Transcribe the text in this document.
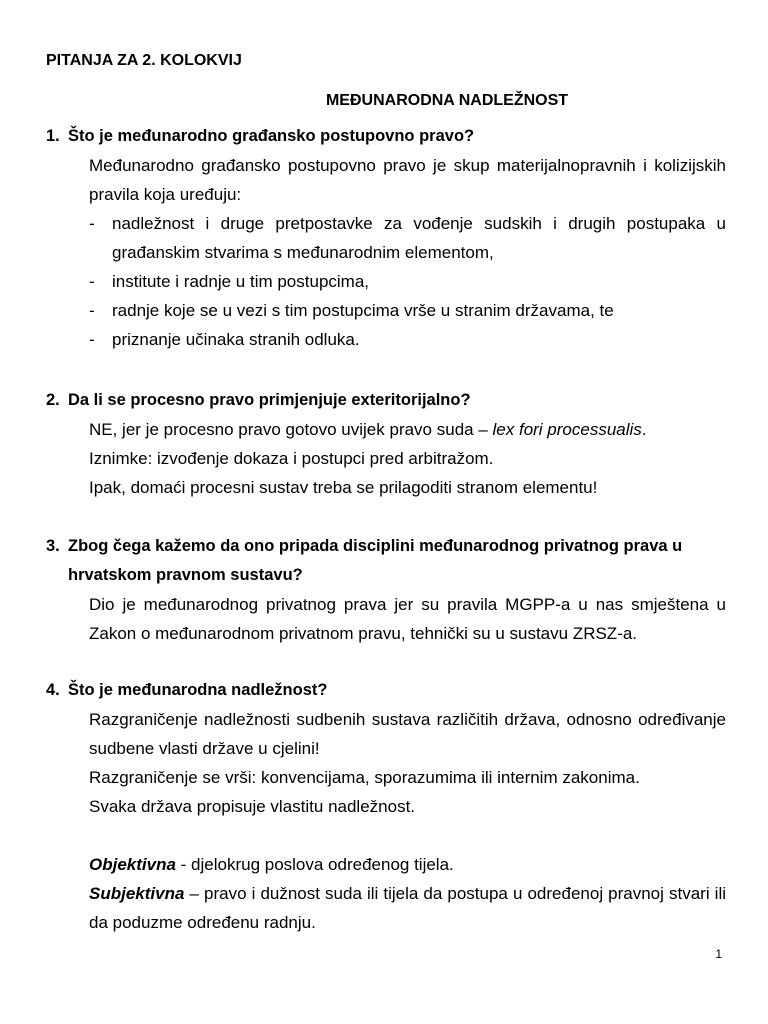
PITANJA ZA 2. KOLOKVIJ
MEĐUNARODNA NADLEŽNOST
1. Što je međunarodno građansko postupovno pravo?
Međunarodno građansko postupovno pravo je skup materijalnopravnih i kolizijskih pravila koja uređuju:
-	nadležnost i druge pretpostavke za vođenje sudskih i drugih postupaka u građanskim stvarima s međunarodnim elementom,
-	institute i radnje u tim postupcima,
-	radnje koje se u vezi s tim postupcima vrše u stranim državama, te
-	priznanje učinaka stranih odluka.
2. Da li se procesno pravo primjenjuje exteritorijalno?
NE, jer je procesno pravo gotovo uvijek pravo suda – lex fori processualis.
Iznimke: izvođenje dokaza i postupci pred arbitražom.
Ipak, domaći procesni sustav treba se prilagoditi stranom elementu!
3. Zbog čega kažemo da ono pripada disciplini međunarodnog privatnog prava u hrvatskom pravnom sustavu?
Dio je međunarodnog privatnog prava jer su pravila MGPP-a u nas smještena u Zakon o međunarodnom privatnom pravu, tehnički su u sustavu ZRSZ-a.
4. Što je međunarodna nadležnost?
Razgraničenje nadležnosti sudbenih sustava različitih država, odnosno određivanje sudbene vlasti države u cjelini!
Razgraničenje se vrši: konvencijama, sporazumima ili internim zakonima.
Svaka država propisuje vlastitu nadležnost.
Objektivna - djelokrug poslova određenog tijela.
Subjektivna – pravo i dužnost suda ili tijela da postupa u određenoj pravnoj stvari ili da poduzme određenu radnju.
1
